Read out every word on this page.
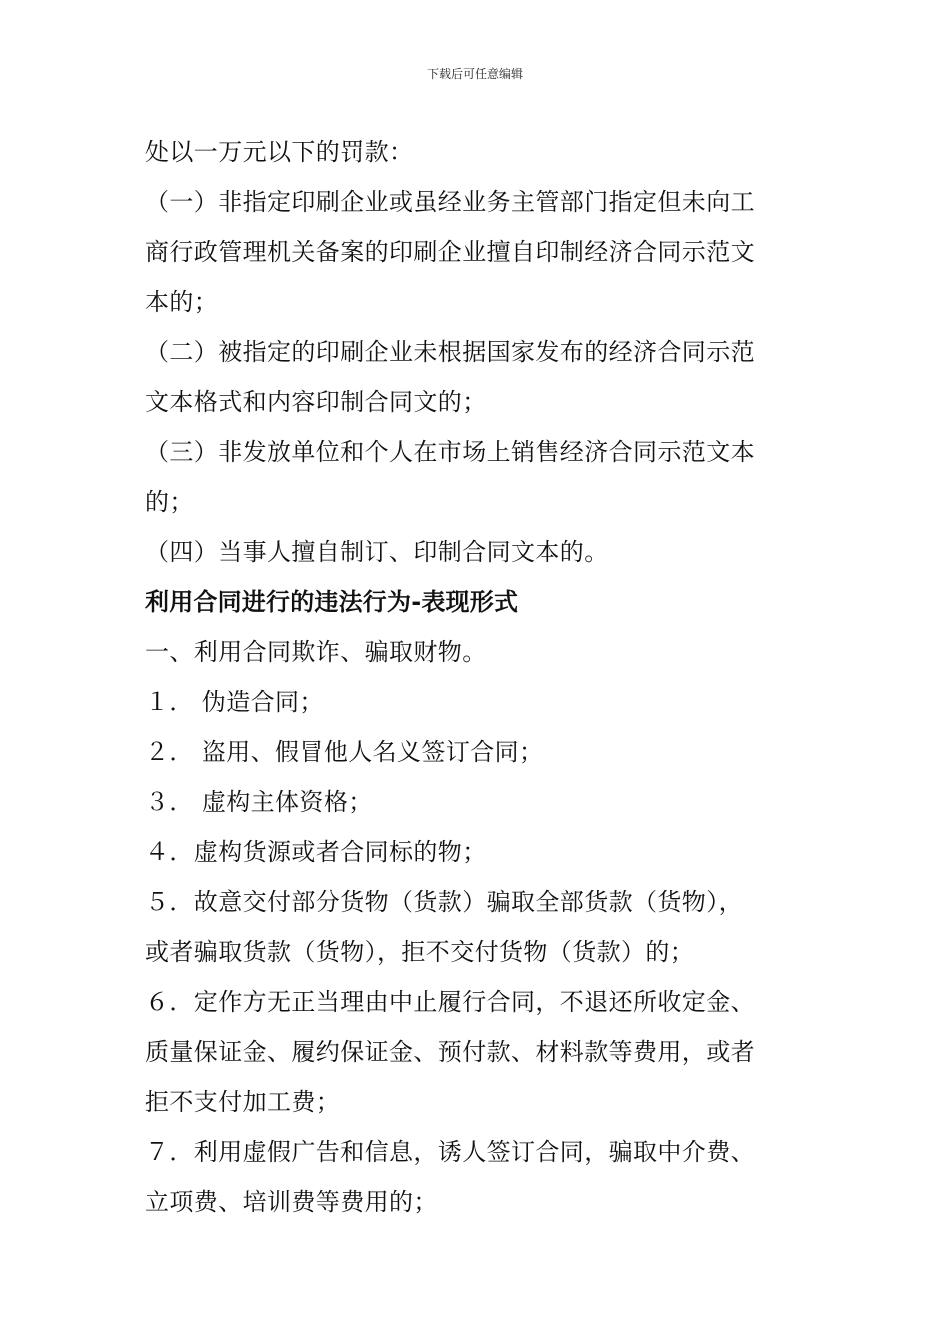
下载后可任意编辑
处以一万元以下的罚款：
（一）非指定印刷企业或虽经业务主管部门指定但未向工
商行政管理机关备案的印刷企业擅自印制经济合同示范文
本的；
（二）被指定的印刷企业未根据国家发布的经济合同示范
文本格式和内容印制合同文的；
（三）非发放单位和个人在市场上销售经济合同示范文本
的；
（四）当事人擅自制订、印制合同文本的。
利用合同进行的违法行为-表现形式
一、利用合同欺诈、骗取财物。
１． 伪造合同；
２． 盗用、假冒他人名义签订合同；
３． 虚构主体资格；
４．虚构货源或者合同标的物；
５．故意交付部分货物（货款）骗取全部货款（货物），
或者骗取货款（货物），拒不交付货物（货款）的；
６．定作方无正当理由中止履行合同，不退还所收定金、
质量保证金、履约保证金、预付款、材料款等费用，或者
拒不支付加工费；
７．利用虚假广告和信息，诱人签订合同，骗取中介费、
立项费、培训费等费用的；
